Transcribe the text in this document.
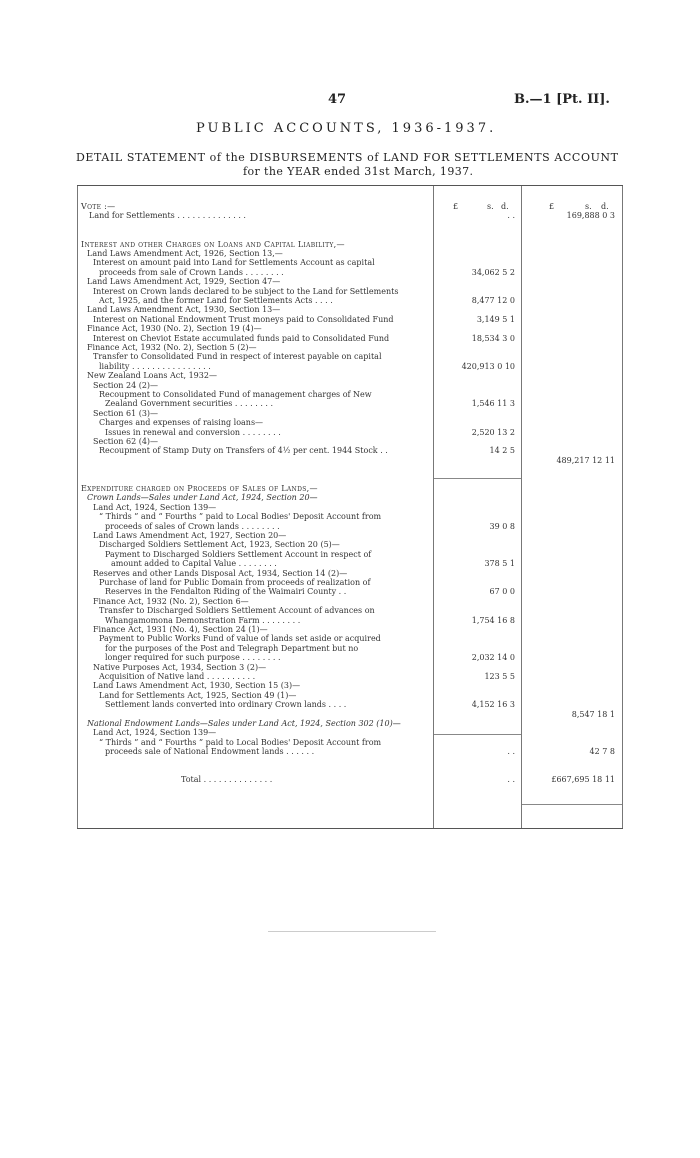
47	B.—1 [Pt. II].
PUBLIC ACCOUNTS, 1936-1937.
DETAIL STATEMENT of the DISBURSEMENTS of LAND FOR SETTLEMENTS ACCOUNT
for the YEAR ended 31st March, 1937.
£	s. d.	£	s. d.
Vote :—
Land for Settlements . . . . . . . . . . . . . .	. .	169,888 0 3
Interest and other Charges on Loans and Capital Liability,—
Land Laws Amendment Act, 1926, Section 13,—
Interest on amount paid into Land for Settlements Account as capital
proceeds from sale of Crown Lands . . . . . . . .	34,062 5 2
Land Laws Amendment Act, 1929, Section 47—
Interest on Crown lands declared to be subject to the Land for Settlements
Act, 1925, and the former Land for Settlements Acts . . . .	8,477 12 0
Land Laws Amendment Act, 1930, Section 13—
Interest on National Endowment Trust moneys paid to Consolidated Fund	3,149 5 1
Finance Act, 1930 (No. 2), Section 19 (4)—
Interest on Cheviot Estate accumulated funds paid to Consolidated Fund	18,534 3 0
Finance Act, 1932 (No. 2), Section 5 (2)—
Transfer to Consolidated Fund in respect of interest payable on capital
liability . . . . . . . . . . . . . . . .	420,913 0 10
New Zealand Loans Act, 1932—
Section 24 (2)—
Recoupment to Consolidated Fund of management charges of New
Zealand Government securities . . . . . . . .	1,546 11 3
Section 61 (3)—
Charges and expenses of raising loans—
Issues in renewal and conversion . . . . . . . .	2,520 13 2
Section 62 (4)—
Recoupment of Stamp Duty on Transfers of 4½ per cent. 1944 Stock . .	14 2 5
489,217 12 11
Expenditure charged on Proceeds of Sales of Lands,—
Crown Lands—Sales under Land Act, 1924, Section 20—
Land Act, 1924, Section 139—
“ Thirds ” and “ Fourths ” paid to Local Bodies' Deposit Account from
proceeds of sales of Crown lands . . . . . . . .	39 0 8
Land Laws Amendment Act, 1927, Section 20—
Discharged Soldiers Settlement Act, 1923, Section 20 (5)—
Payment to Discharged Soldiers Settlement Account in respect of
amount added to Capital Value . . . . . . . .	378 5 1
Reserves and other Lands Disposal Act, 1934, Section 14 (2)—
Purchase of land for Public Domain from proceeds of realization of
Reserves in the Fendalton Riding of the Waimairi County . .	67 0 0
Finance Act, 1932 (No. 2), Section 6—
Transfer to Discharged Soldiers Settlement Account of advances on
Whangamomona Demonstration Farm . . . . . . . .	1,754 16 8
Finance Act, 1931 (No. 4), Section 24 (1)—
Payment to Public Works Fund of value of lands set aside or acquired
for the purposes of the Post and Telegraph Department but no
longer required for such purpose . . . . . . . .	2,032 14 0
Native Purposes Act, 1934, Section 3 (2)—
Acquisition of Native land . . . . . . . . . .	123 5 5
Land Laws Amendment Act, 1930, Section 15 (3)—
Land for Settlements Act, 1925, Section 49 (1)—
Settlement lands converted into ordinary Crown lands . . . .	4,152 16 3
8,547 18 1
National Endowment Lands—Sales under Land Act, 1924, Section 302 (10)—
Land Act, 1924, Section 139—
“ Thirds ” and “ Fourths ” paid to Local Bodies' Deposit Account from
proceeds sale of National Endowment lands . . . . . .	. .	42 7 8
Total . . . . . . . . . . . . . .	. .	£667,695 18 11
